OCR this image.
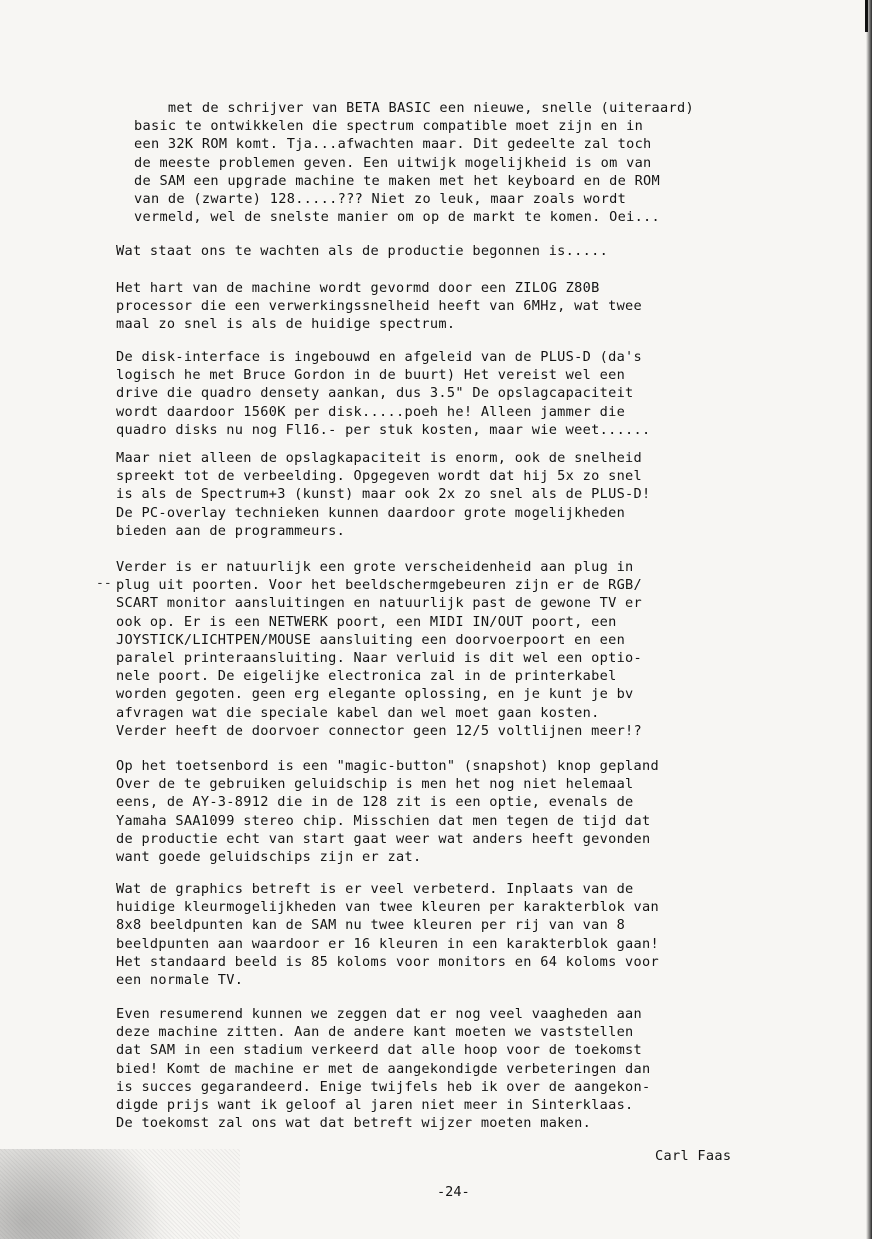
met de schrijver van BETA BASIC een nieuwe, snelle (uiteraard)
basic te ontwikkelen die spectrum compatible moet zijn en in
een 32K ROM komt. Tja...afwachten maar. Dit gedeelte zal toch
de meeste problemen geven. Een uitwijk mogelijkheid is om van
de SAM een upgrade machine te maken met het keyboard en de ROM
van de (zwarte) 128.....??? Niet zo leuk, maar zoals wordt
vermeld, wel de snelste manier om op de markt te komen. Oei...
Wat staat ons te wachten als de productie begonnen is.....
Het hart van de machine wordt gevormd door een ZILOG Z80B
processor die een verwerkingssnelheid heeft van 6MHz, wat twee
maal zo snel is als de huidige spectrum.
De disk-interface is ingebouwd en afgeleid van de PLUS-D (da's
logisch he met Bruce Gordon in de buurt) Het vereist wel een
drive die quadro densety aankan, dus 3.5" De opslagcapaciteit
wordt daardoor 1560K per disk.....poeh he! Alleen jammer die
quadro disks nu nog Fl16.- per stuk kosten, maar wie weet......
Maar niet alleen de opslagkapaciteit is enorm, ook de snelheid
spreekt tot de verbeelding. Opgegeven wordt dat hij 5x zo snel
is als de Spectrum+3 (kunst) maar ook 2x zo snel als de PLUS-D!
De PC-overlay technieken kunnen daardoor grote mogelijkheden
bieden aan de programmeurs.
--
Verder is er natuurlijk een grote verscheidenheid aan plug in
plug uit poorten. Voor het beeldschermgebeuren zijn er de RGB/
SCART monitor aansluitingen en natuurlijk past de gewone TV er
ook op. Er is een NETWERK poort, een MIDI IN/OUT poort, een
JOYSTICK/LICHTPEN/MOUSE aansluiting een doorvoerpoort en een
paralel printeraansluiting. Naar verluid is dit wel een optio-
nele poort. De eigelijke electronica zal in de printerkabel
worden gegoten. geen erg elegante oplossing, en je kunt je bv
afvragen wat die speciale kabel dan wel moet gaan kosten.
Verder heeft de doorvoer connector geen 12/5 voltlijnen meer!?
Op het toetsenbord is een "magic-button" (snapshot) knop gepland
Over de te gebruiken geluidschip is men het nog niet helemaal
eens, de AY-3-8912 die in de 128 zit is een optie, evenals de
Yamaha SAA1099 stereo chip. Misschien dat men tegen de tijd dat
de productie echt van start gaat weer wat anders heeft gevonden
want goede geluidschips zijn er zat.
Wat de graphics betreft is er veel verbeterd. Inplaats van de
huidige kleurmogelijkheden van twee kleuren per karakterblok van
8x8 beeldpunten kan de SAM nu twee kleuren per rij van van 8
beeldpunten aan waardoor er 16 kleuren in een karakterblok gaan!
Het standaard beeld is 85 koloms voor monitors en 64 koloms voor
een normale TV.
Even resumerend kunnen we zeggen dat er nog veel vaagheden aan
deze machine zitten. Aan de andere kant moeten we vaststellen
dat SAM in een stadium verkeerd dat alle hoop voor de toekomst
bied! Komt de machine er met de aangekondigde verbeteringen dan
is succes gegarandeerd. Enige twijfels heb ik over de aangekon-
digde prijs want ik geloof al jaren niet meer in Sinterklaas.
De toekomst zal ons wat dat betreft wijzer moeten maken.
Carl Faas
-24-
